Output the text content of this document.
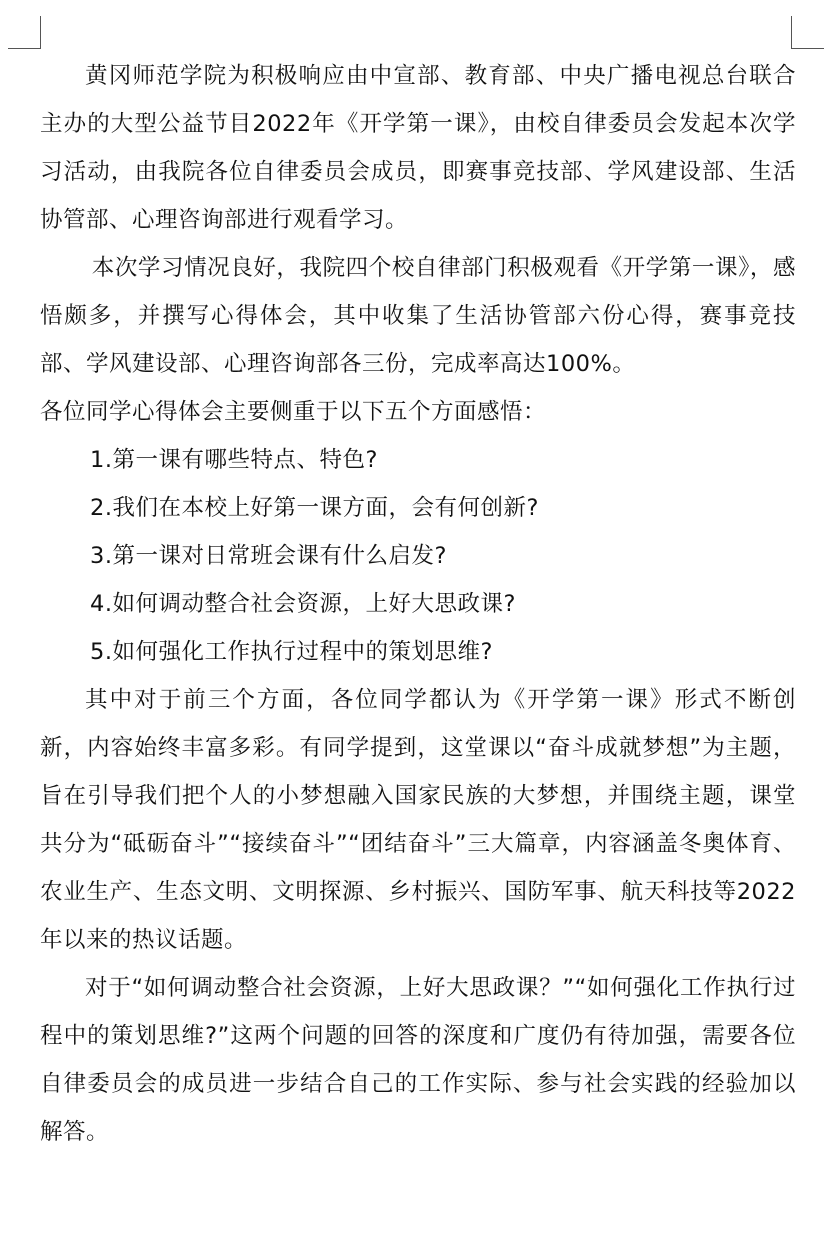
黄冈师范学院为积极响应由中宣部、教育部、中央广播电视总台联合主办的大型公益节目2022年《开学第一课》，由校自律委员会发起本次学习活动，由我院各位自律委员会成员，即赛事竞技部、学风建设部、生活协管部、心理咨询部进行观看学习。

本次学习情况良好，我院四个校自律部门积极观看《开学第一课》，感悟颇多，并撰写心得体会，其中收集了生活协管部六份心得，赛事竞技部、学风建设部、心理咨询部各三份，完成率高达100%。

各位同学心得体会主要侧重于以下五个方面感悟：

1.第一课有哪些特点、特色?
2.我们在本校上好第一课方面，会有何创新?
3.第一课对日常班会课有什么启发?
4.如何调动整合社会资源，上好大思政课?
5.如何强化工作执行过程中的策划思维?

其中对于前三个方面，各位同学都认为《开学第一课》形式不断创新，内容始终丰富多彩。有同学提到，这堂课以“奋斗成就梦想”为主题，旨在引导我们把个人的小梦想融入国家民族的大梦想，并围绕主题，课堂共分为“砥砺奋斗”“接续奋斗”“团结奋斗”三大篇章，内容涵盖冬奥体育、农业生产、生态文明、文明探源、乡村振兴、国防军事、航天科技等2022年以来的热议话题。

对于“如何调动整合社会资源，上好大思政课？”“如何强化工作执行过程中的策划思维?”这两个问题的回答的深度和广度仍有待加强，需要各位自律委员会的成员进一步结合自己的工作实际、参与社会实践的经验加以解答。
